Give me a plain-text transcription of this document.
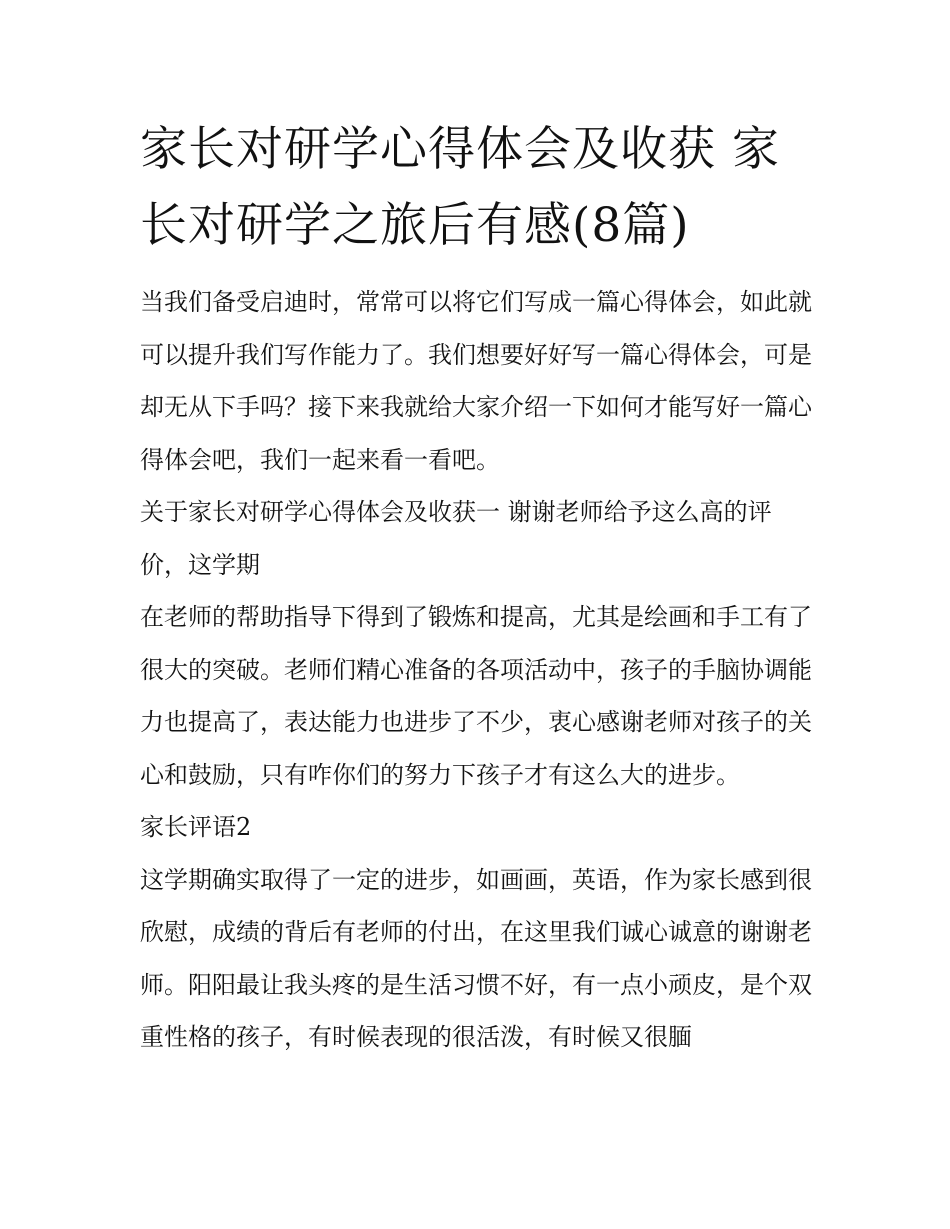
家长对研学心得体会及收获 家长对研学之旅后有感(8篇)

当我们备受启迪时，常常可以将它们写成一篇心得体会，如此就可以提升我们写作能力了。我们想要好好写一篇心得体会，可是却无从下手吗？接下来我就给大家介绍一下如何才能写好一篇心得体会吧，我们一起来看一看吧。

关于家长对研学心得体会及收获一 谢谢老师给予这么高的评价，这学期

在老师的帮助指导下得到了锻炼和提高，尤其是绘画和手工有了很大的突破。老师们精心准备的各项活动中，孩子的手脑协调能力也提高了，表达能力也进步了不少，衷心感谢老师对孩子的关心和鼓励，只有咋你们的努力下孩子才有这么大的进步。

家长评语2

这学期确实取得了一定的进步，如画画，英语，作为家长感到很欣慰，成绩的背后有老师的付出，在这里我们诚心诚意的谢谢老师。阳阳最让我头疼的是生活习惯不好，有一点小顽皮，是个双重性格的孩子，有时候表现的很活泼，有时候又很腼
